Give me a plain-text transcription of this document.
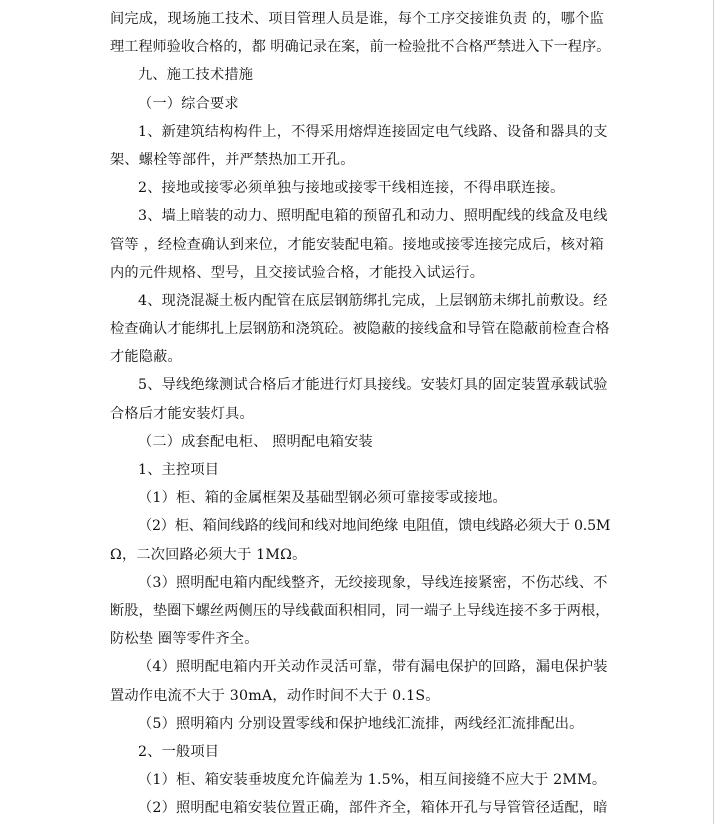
间完成，现场施工技术、项目管理人员是谁，每个工序交接谁负责 的，哪个监
理工程师验收合格的，都 明确记录在案，前一检验批不合格严禁进入下一程序。
九、施工技术措施
（一）综合要求
1、新建筑结构构件上，不得采用熔焊连接固定电气线路、设备和器具的支
架、螺栓等部件，并严禁热加工开孔。
2、接地或接零必须单独与接地或接零干线相连接，不得串联连接。
3、墙上暗装的动力、照明配电箱的预留孔和动力、照明配线的线盒及电线
管等 ，经检查确认到来位，才能安装配电箱。接地或接零连接完成后，核对箱
内的元件规格、型号，且交接试验合格，才能投入试运行。
4、现浇混凝土板内配管在底层钢筋绑扎完成，上层钢筋未绑扎前敷设。经
检查确认才能绑扎上层钢筋和浇筑砼。被隐蔽的接线盒和导管在隐蔽前检查合格
才能隐蔽。
5、导线绝缘测试合格后才能进行灯具接线。安装灯具的固定装置承载试验
合格后才能安装灯具。
（二）成套配电柜、 照明配电箱安装
1、主控项目
（1）柜、箱的金属框架及基础型钢必须可靠接零或接地。
（2）柜、箱间线路的线间和线对地间绝缘 电阻值，馈电线路必须大于 0.5M
Ω，二次回路必须大于 1MΩ。
（3）照明配电箱内配线整齐，无绞接现象，导线连接紧密，不伤芯线、不
断股，垫圈下螺丝两侧压的导线截面积相同，同一端子上导线连接不多于两根，
防松垫 圈等零件齐全。
（4）照明配电箱内开关动作灵活可靠，带有漏电保护的回路，漏电保护装
置动作电流不大于 30mA，动作时间不大于 0.1S。
（5）照明箱内 分别设置零线和保护地线汇流排，两线经汇流排配出。
2、一般项目
（1）柜、箱安装垂坡度允许偏差为 1.5%，相互间接缝不应大于 2MM。
（2）照明配电箱安装位置正确，部件齐全，箱体开孔与导管管径适配，暗
